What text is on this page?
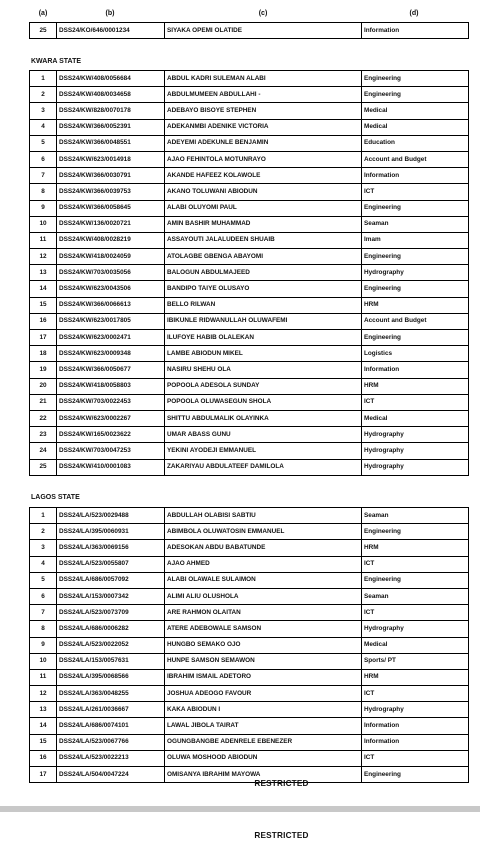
(a)	(b)	(c)	(d)
25	DSS24/KO/646/0001234	SIYAKA OPEMI OLATIDE	Information
KWARA STATE
1	DSS24/KW/408/0056684	ABDUL KADRI SULEMAN ALABI	Engineering
2	DSS24/KW/408/0034658	ABDULMUMEEN ABDULLAHI -	Engineering
3	DSS24/KW/828/0070178	ADEBAYO BISOYE STEPHEN	Medical
4	DSS24/KW/366/0052391	ADEKANMBI ADENIKE VICTORIA	Medical
5	DSS24/KW/366/0048551	ADEYEMI ADEKUNLE BENJAMIN	Education
6	DSS24/KW/623/0014918	AJAO FEHINTOLA MOTUNRAYO	Account and Budget
7	DSS24/KW/366/0030791	AKANDE HAFEEZ KOLAWOLE	Information
8	DSS24/KW/366/0039753	AKANO TOLUWANI ABIODUN	ICT
9	DSS24/KW/366/0058645	ALABI OLUYOMI PAUL	Engineering
10	DSS24/KW/136/0020721	AMIN BASHIR MUHAMMAD	Seaman
11	DSS24/KW/408/0028219	ASSAYOUTI JALALUDEEN SHUAIB	Imam
12	DSS24/KW/418/0024059	ATOLAGBE GBENGA ABAYOMI	Engineering
13	DSS24/KW/703/0035056	BALOGUN ABDULMAJEED	Hydrography
14	DSS24/KW/623/0043506	BANDIPO TAIYE OLUSAYO	Engineering
15	DSS24/KW/366/0066613	BELLO RILWAN	HRM
16	DSS24/KW/623/0017805	IBIKUNLE RIDWANULLAH OLUWAFEMI	Account and Budget
17	DSS24/KW/623/0002471	ILUFOYE HABIB OLALEKAN	Engineering
18	DSS24/KW/623/0009348	LAMBE ABIODUN MIKEL	Logistics
19	DSS24/KW/366/0050677	NASIRU SHEHU OLA	Information
20	DSS24/KW/418/0058803	POPOOLA ADESOLA SUNDAY	HRM
21	DSS24/KW/703/0022453	POPOOLA OLUWASEGUN SHOLA	ICT
22	DSS24/KW/623/0002267	SHITTU ABDULMALIK OLAYINKA	Medical
23	DSS24/KW/165/0023622	UMAR ABASS GUNU	Hydrography
24	DSS24/KW/703/0047253	YEKINI AYODEJI EMMANUEL	Hydrography
25	DSS24/KW/410/0001083	ZAKARIYAU ABDULATEEF DAMILOLA	Hydrography
LAGOS STATE
1	DSS24/LA/523/0029488	ABDULLAH OLABISI SABTIU	Seaman
2	DSS24/LA/395/0060931	ABIMBOLA OLUWATOSIN EMMANUEL	Engineering
3	DSS24/LA/363/0069156	ADESOKAN ABDU BABATUNDE	HRM
4	DSS24/LA/523/0055807	AJAO AHMED	ICT
5	DSS24/LA/686/0057092	ALABI OLAWALE SULAIMON	Engineering
6	DSS24/LA/153/0007342	ALIMI ALIU OLUSHOLA	Seaman
7	DSS24/LA/523/0073709	ARE RAHMON OLAITAN	ICT
8	DSS24/LA/686/0006282	ATERE ADEBOWALE SAMSON	Hydrography
9	DSS24/LA/523/0022052	HUNGBO SEMAKO OJO	Medical
10	DSS24/LA/153/0057631	HUNPE SAMSON SEMAWON	Sports/ PT
11	DSS24/LA/395/0068566	IBRAHIM ISMAIL ADETORO	HRM
12	DSS24/LA/363/0048255	JOSHUA ADEOGO FAVOUR	ICT
13	DSS24/LA/261/0036667	KAKA ABIODUN I	Hydrography
14	DSS24/LA/686/0074101	LAWAL JIBOLA TAIRAT	Information
15	DSS24/LA/523/0067766	OGUNGBANGBE ADENRELE EBENEZER	Information
16	DSS24/LA/523/0022213	OLUWA MOSHOOD ABIODUN	ICT
17	DSS24/LA/504/0047224	OMISANYA IBRAHIM MAYOWA	Engineering
RESTRICTED
RESTRICTED
